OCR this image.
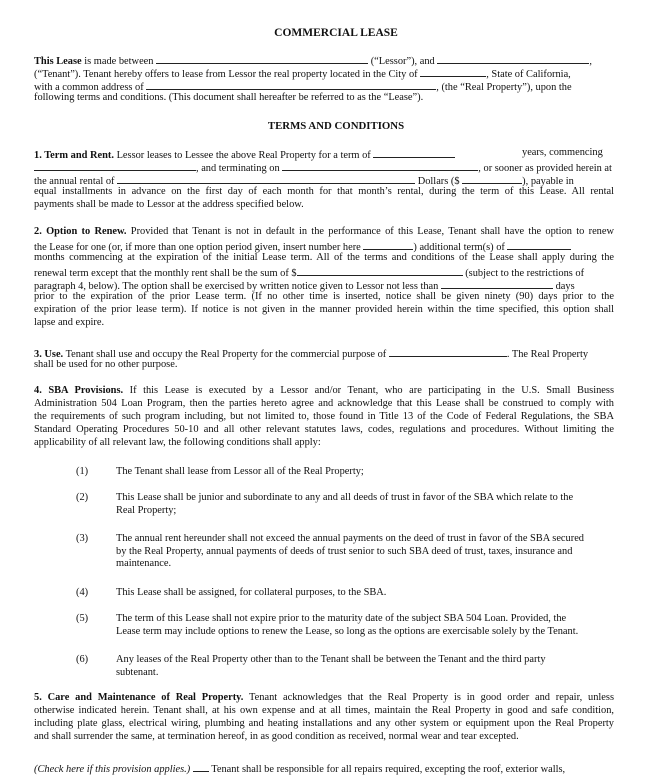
COMMERCIAL LEASE
This Lease is made between	(“Lessor”), and	,
(“Tenant”). Tenant hereby offers to lease from Lessor the real property located in the City of	, State of California,
with a common address of	, (the “Real Property”), upon the
following terms and conditions. (This document shall hereafter be referred to as the “Lease”).
TERMS AND CONDITIONS
1. Term and Rent. Lessor leases to Lessee the above Real Property for a term of	years, commencing
, and terminating on	, or sooner as provided herein at
the annual rental of	Dollars ($	), payable in
equal installments in advance on the first day of each month for that month’s rental, during the term of this Lease. All rental
payments shall be made to Lessor at the address specified below.
2. Option to Renew. Provided that Tenant is not in default in the performance of this Lease, Tenant shall have the option to renew
the Lease for one (or, if more than one option period given, insert number here	) additional term(s) of
months commencing at the expiration of the initial Lease term. All of the terms and conditions of the Lease shall apply during the
renewal term except that the monthly rent shall be the sum of $	(subject to the restrictions of
paragraph 4, below). The option shall be exercised by written notice given to Lessor not less than	days
prior to the expiration of the prior Lease term. (If no other time is inserted, notice shall be given ninety (90) days prior to the
expiration of the prior lease term). If notice is not given in the manner provided herein within the time specified, this option shall
lapse and expire.
3. Use. Tenant shall use and occupy the Real Property for the commercial purpose of	. The Real Property
shall be used for no other purpose.
4. SBA Provisions. If this Lease is executed by a Lessor and/or Tenant, who are participating in the U.S. Small Business
Administration 504 Loan Program, then the parties hereto agree and acknowledge that this Lease shall be construed to comply with
the requirements of such program including, but not limited to, those found in Title 13 of the Code of Federal Regulations, the SBA
Standard Operating Procedures 50-10 and all other relevant statutes laws, codes, regulations and procedures. Without limiting the
applicability of all relevant law, the following conditions shall apply:
(1)	The Tenant shall lease from Lessor all of the Real Property;
(2)	This Lease shall be junior and subordinate to any and all deeds of trust in favor of the SBA which relate to the
Real Property;
(3)	The annual rent hereunder shall not exceed the annual payments on the deed of trust in favor of the SBA secured
by the Real Property, annual payments of deeds of trust senior to such SBA deed of trust, taxes, insurance and
maintenance.
(4)	This Lease shall be assigned, for collateral purposes, to the SBA.
(5)	The term of this Lease shall not expire prior to the maturity date of the subject SBA 504 Loan. Provided, the
Lease term may include options to renew the Lease, so long as the options are exercisable solely by the Tenant.
(6)	Any leases of the Real Property other than to the Tenant shall be between the Tenant and the third party
subtenant.
5. Care and Maintenance of Real Property. Tenant acknowledges that the Real Property is in good order and repair, unless
otherwise indicated herein. Tenant shall, at his own expense and at all times, maintain the Real Property in good and safe condition,
including plate glass, electrical wiring, plumbing and heating installations and any other system or equipment upon the Real Property
and shall surrender the same, at termination hereof, in as good condition as received, normal wear and tear excepted.
(Check here if this provision applies.)  Tenant shall be responsible for all repairs required, excepting the roof, exterior walls,
